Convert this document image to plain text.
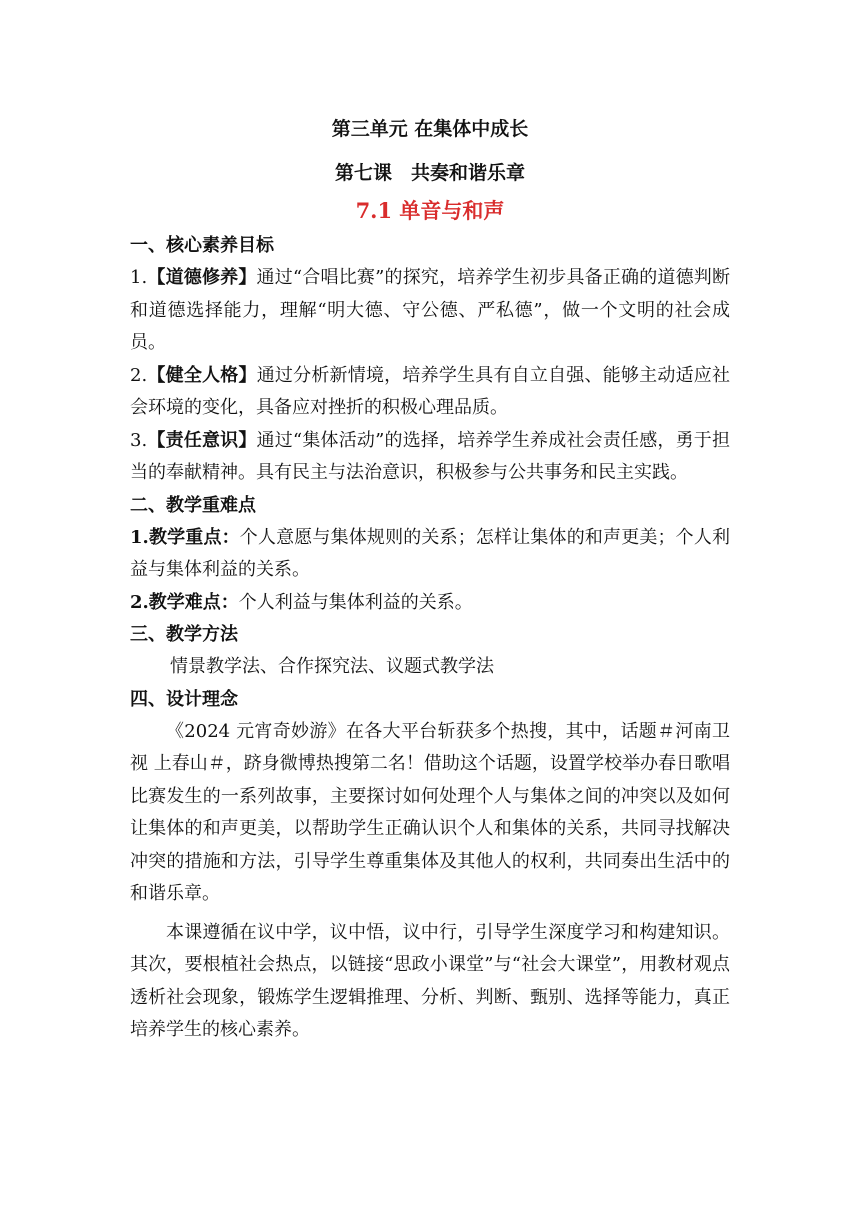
第三单元 在集体中成长
第七课　共奏和谐乐章
7.1 单音与和声
一、核心素养目标

1.【道德修养】通过“合唱比赛”的探究，培养学生初步具备正确的道德判断和道德选择能力，理解“明大德、守公德、严私德”，做一个文明的社会成员。

2.【健全人格】通过分析新情境，培养学生具有自立自强、能够主动适应社会环境的变化，具备应对挫折的积极心理品质。

3.【责任意识】通过“集体活动”的选择，培养学生养成社会责任感，勇于担当的奉献精神。具有民主与法治意识，积极参与公共事务和民主实践。

二、教学重难点

1.教学重点：个人意愿与集体规则的关系；怎样让集体的和声更美；个人利益与集体利益的关系。

2.教学难点：个人利益与集体利益的关系。

三、教学方法

情景教学法、合作探究法、议题式教学法

四、设计理念

《2024 元宵奇妙游》在各大平台斩获多个热搜，其中，话题＃河南卫视 上春山＃，跻身微博热搜第二名！借助这个话题，设置学校举办春日歌唱比赛发生的一系列故事，主要探讨如何处理个人与集体之间的冲突以及如何让集体的和声更美，以帮助学生正确认识个人和集体的关系，共同寻找解决冲突的措施和方法，引导学生尊重集体及其他人的权利，共同奏出生活中的和谐乐章。

本课遵循在议中学，议中悟，议中行，引导学生深度学习和构建知识。其次，要根植社会热点，以链接“思政小课堂”与“社会大课堂”，用教材观点透析社会现象，锻炼学生逻辑推理、分析、判断、甄别、选择等能力，真正培养学生的核心素养。
